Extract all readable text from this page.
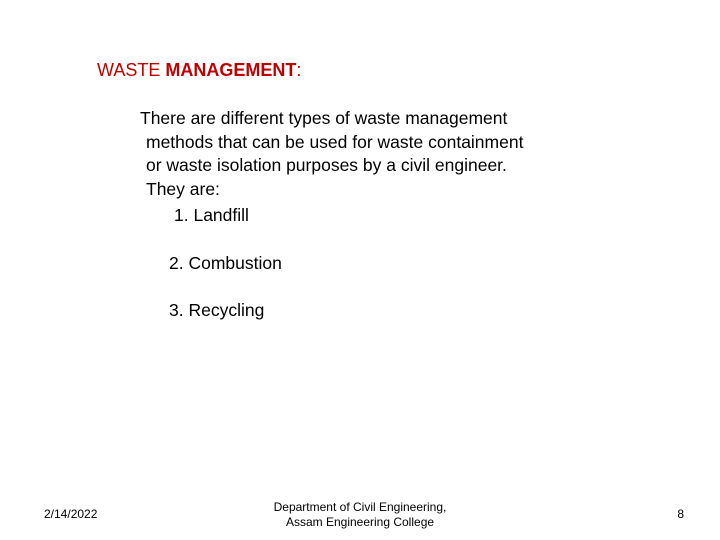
WASTE MANAGEMENT:
There are different types of waste management
methods that can be used for waste containment
or waste isolation purposes by a civil engineer.
They are:
1. Landfill
2. Combustion
3. Recycling
2/14/2022	Department of Civil Engineering,
Assam Engineering College
8
